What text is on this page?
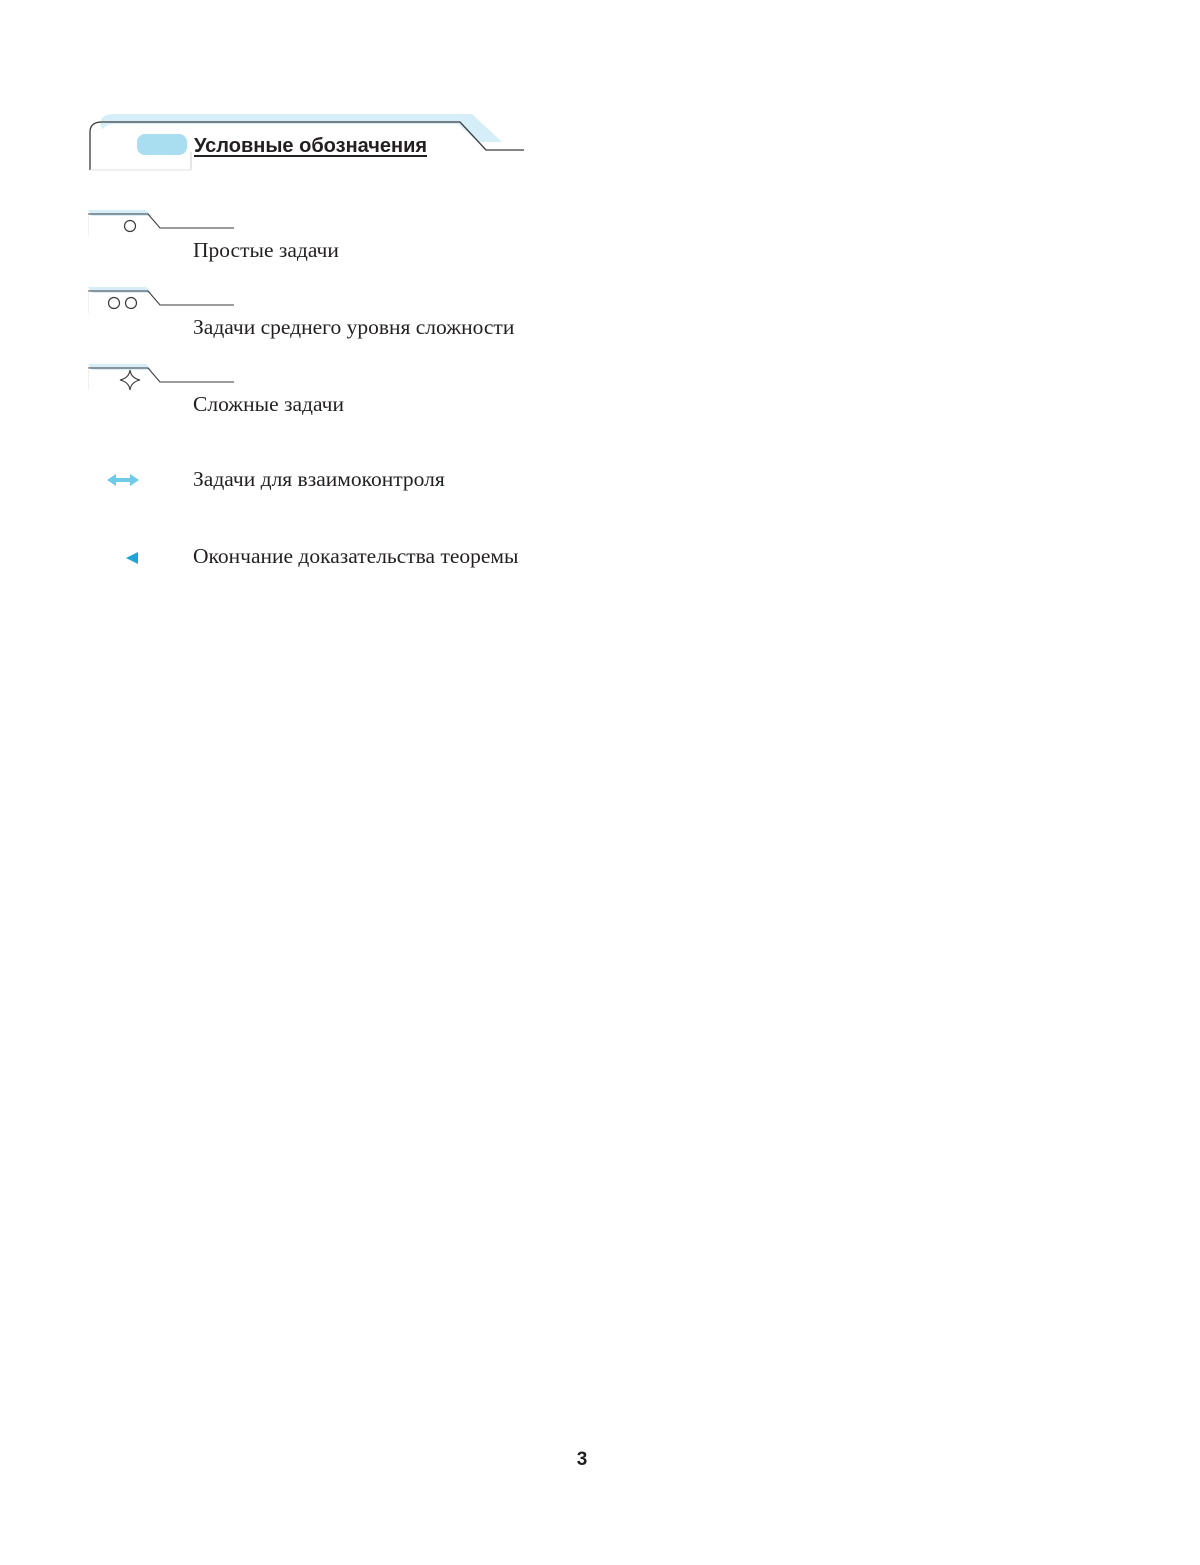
Условные обозначения
Простые задачи
Задачи среднего уровня сложности
Сложные задачи
Задачи для взаимоконтроля
Окончание доказательства теоремы
3
